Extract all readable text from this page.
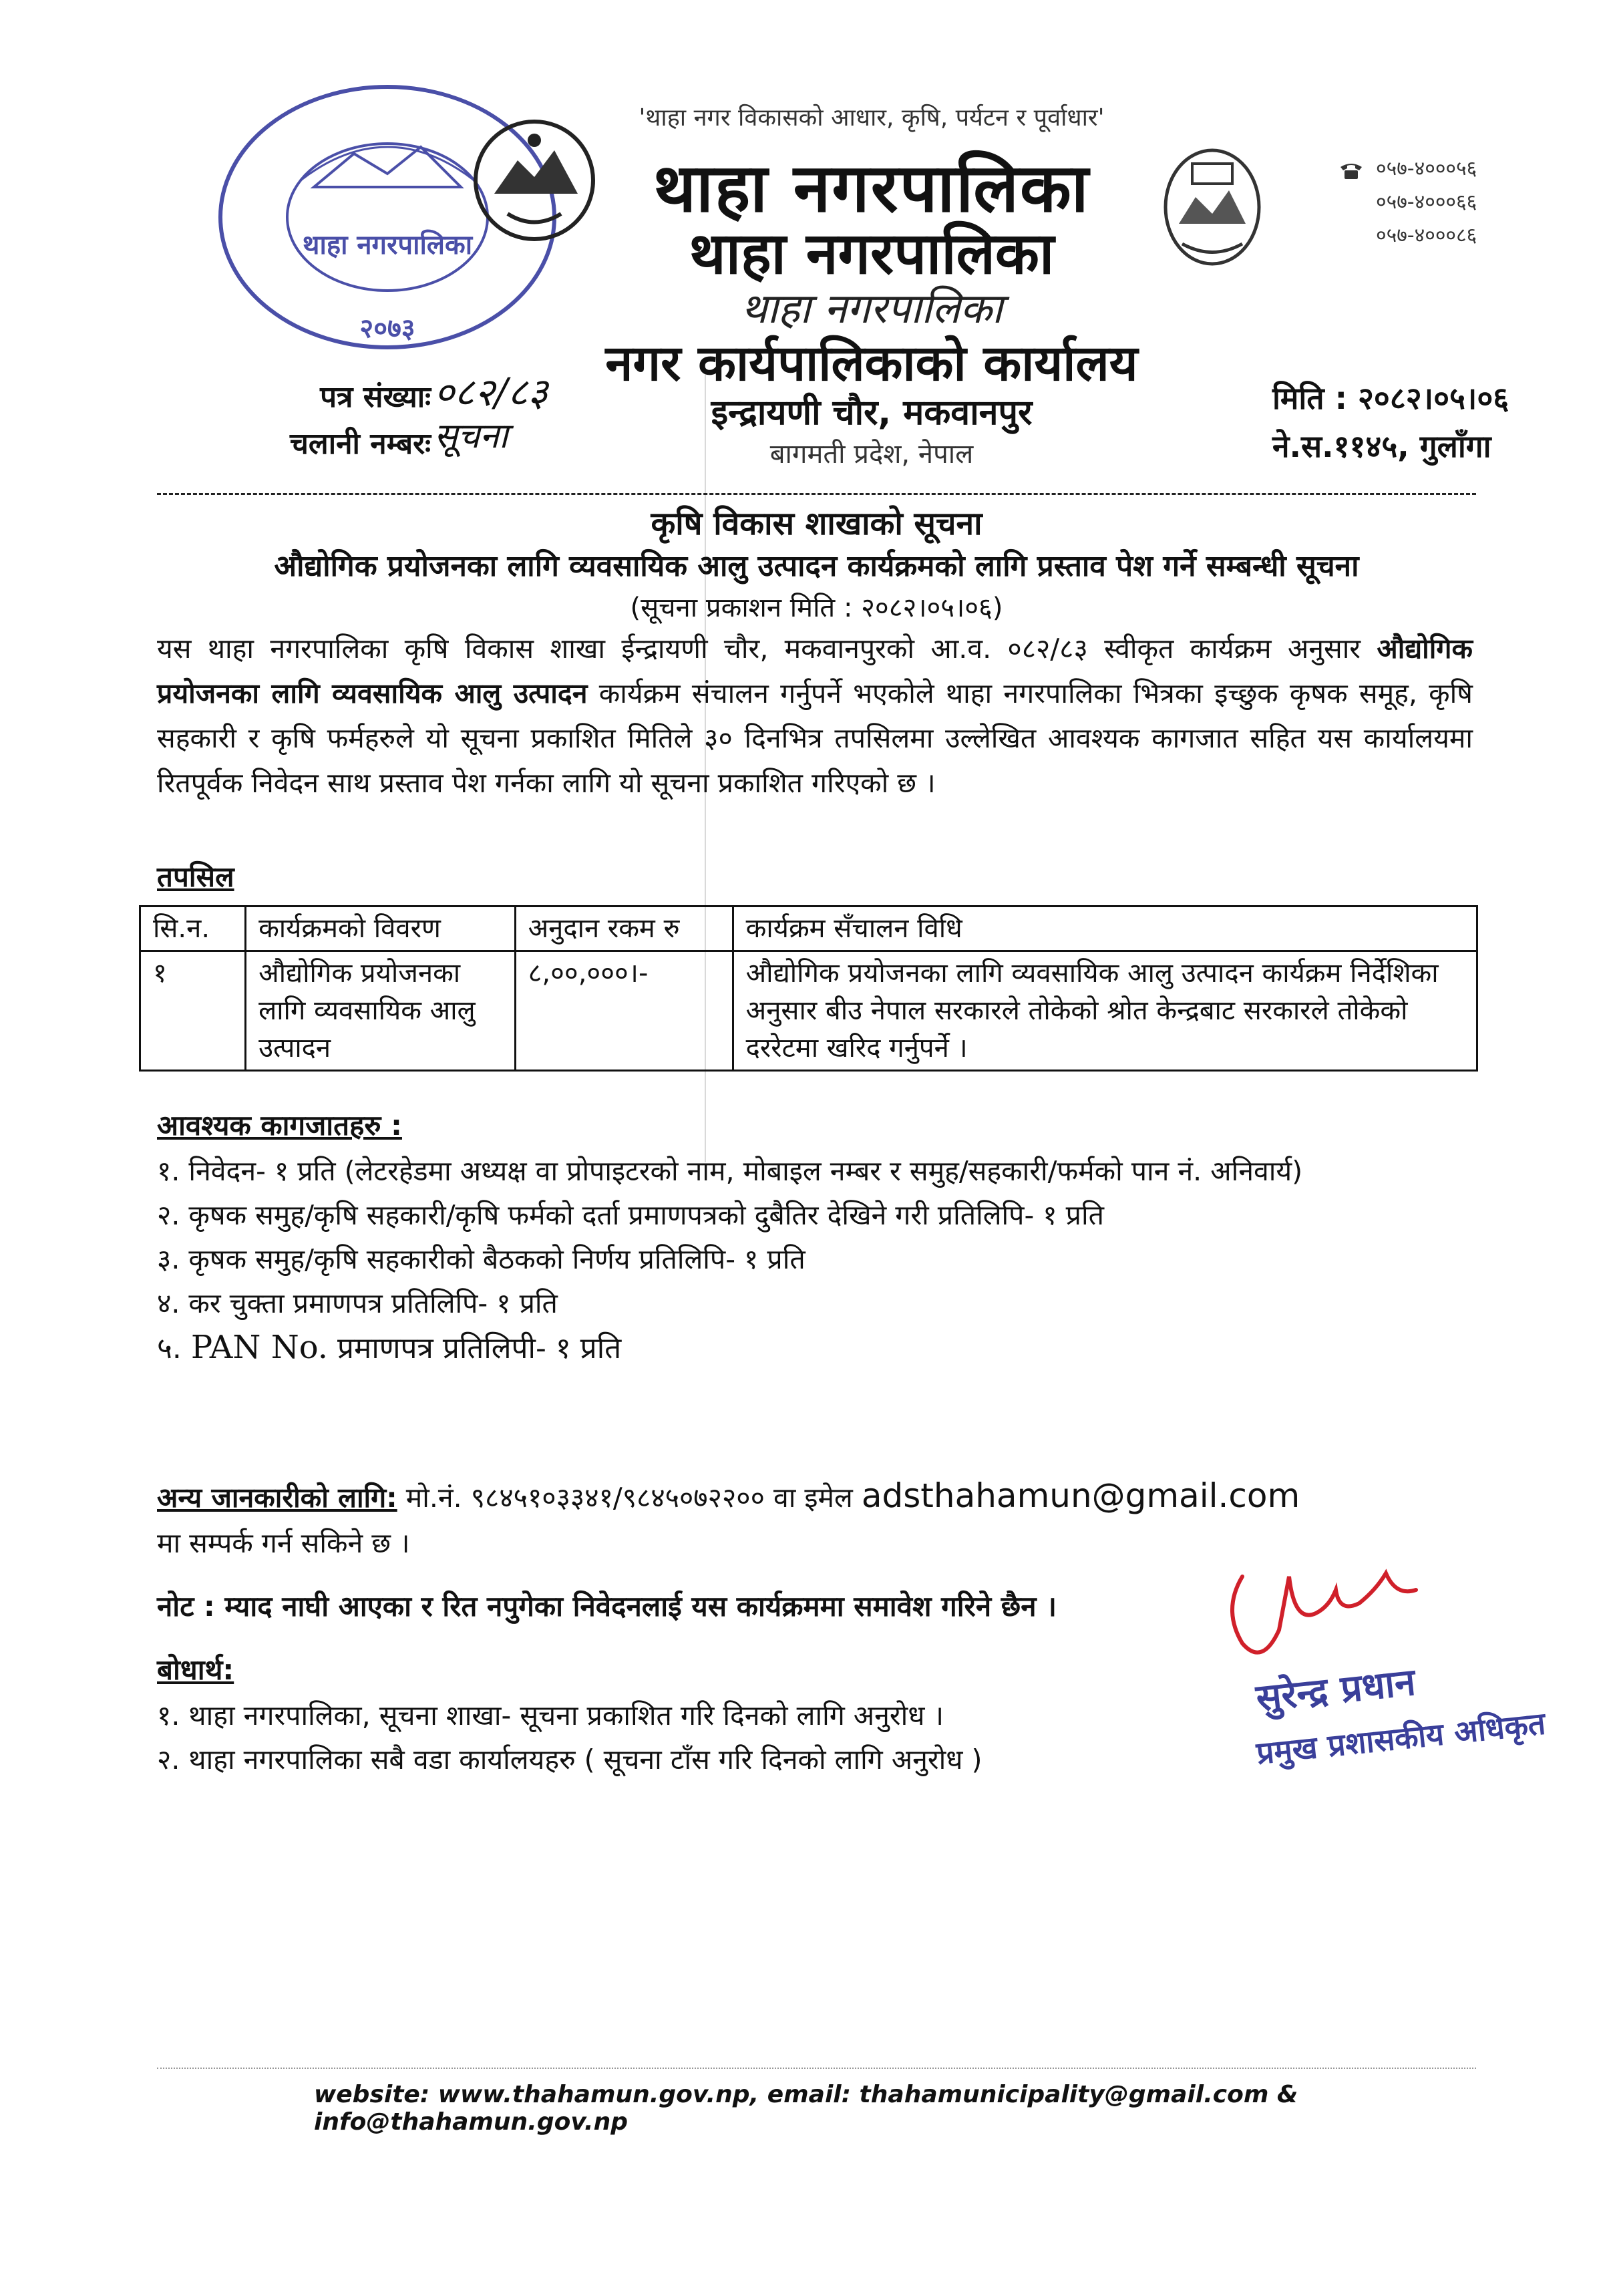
थाहा नगरपालिका
२०७३
'थाहा नगर विकासको आधार, कृषि, पर्यटन र पूर्वाधार'
थाहा नगरपालिका
थाहा नगरपालिका
थाहा नगरपालिका
नगर कार्यपालिकाको कार्यालय
इन्द्रायणी चौर, मकवानपुर
बागमती प्रदेश, नेपाल
०५७-४०००५६
०५७-४०००६६
०५७-४०००८६
पत्र संख्याः
चलानी नम्बरः
०८२/८३
सूचना
मिति : २०८२।०५।०६
ने.स.११४५, गुलाँगा
कृषि विकास शाखाको सूचना
औद्योगिक प्रयोजनका लागि व्यवसायिक आलु उत्पादन कार्यक्रमको लागि प्रस्ताव पेश गर्ने सम्बन्धी सूचना
(सूचना प्रकाशन मिति : २०८२।०५।०६)
यस थाहा नगरपालिका कृषि विकास शाखा ईन्द्रायणी चौर, मकवानपुरको आ.व. ०८२/८३ स्वीकृत कार्यक्रम अनुसार औद्योगिक प्रयोजनका लागि व्यवसायिक आलु उत्पादन कार्यक्रम संचालन गर्नुपर्ने भएकोले थाहा नगरपालिका भित्रका इच्छुक कृषक समूह, कृषि सहकारी र कृषि फर्महरुले यो सूचना प्रकाशित मितिले ३० दिनभित्र तपसिलमा उल्लेखित आवश्यक कागजात सहित यस कार्यालयमा रितपूर्वक निवेदन साथ प्रस्ताव पेश गर्नका लागि यो सूचना प्रकाशित गरिएको छ ।
तपसिल
सि.न.	कार्यक्रमको विवरण	अनुदान रकम रु	कार्यक्रम सँचालन विधि
१	औद्योगिक प्रयोजनका लागि व्यवसायिक आलु उत्पादन	८,००,०००।-	औद्योगिक प्रयोजनका लागि व्यवसायिक आलु उत्पादन कार्यक्रम निर्देशिका अनुसार बीउ नेपाल सरकारले तोकेको श्रोत केन्द्रबाट सरकारले तोकेको दररेटमा खरिद गर्नुपर्ने ।
आवश्यक कागजातहरु :
१. निवेदन- १ प्रति (लेटरहेडमा अध्यक्ष वा प्रोपाइटरको नाम, मोबाइल नम्बर र समुह/सहकारी/फर्मको पान नं. अनिवार्य)
२. कृषक समुह/कृषि सहकारी/कृषि फर्मको दर्ता प्रमाणपत्रको दुबैतिर देखिने गरी प्रतिलिपि- १ प्रति
३. कृषक समुह/कृषि सहकारीको बैठकको निर्णय प्रतिलिपि- १ प्रति
४. कर चुक्ता प्रमाणपत्र प्रतिलिपि- १ प्रति
५. PAN No. प्रमाणपत्र प्रतिलिपी- १ प्रति
अन्य जानकारीको लागि: मो.नं. ९८४५१०३३४१/९८४५०७२२०० वा इमेल adsthahamun@gmail.com
मा सम्पर्क गर्न सकिने छ ।
नोट : म्याद नाघी आएका र रित नपुगेका निवेदनलाई यस कार्यक्रममा समावेश गरिने छैन ।
बोधार्थ:
१. थाहा नगरपालिका, सूचना शाखा- सूचना प्रकाशित गरि दिनको लागि अनुरोध ।
२. थाहा नगरपालिका सबै वडा कार्यालयहरु ( सूचना टाँस गरि दिनको लागि अनुरोध )
सुरेन्द्र प्रधान
प्रमुख प्रशासकीय अधिकृत
website: www.thahamun.gov.np, email: thahamunicipality@gmail.com & info@thahamun.gov.np
